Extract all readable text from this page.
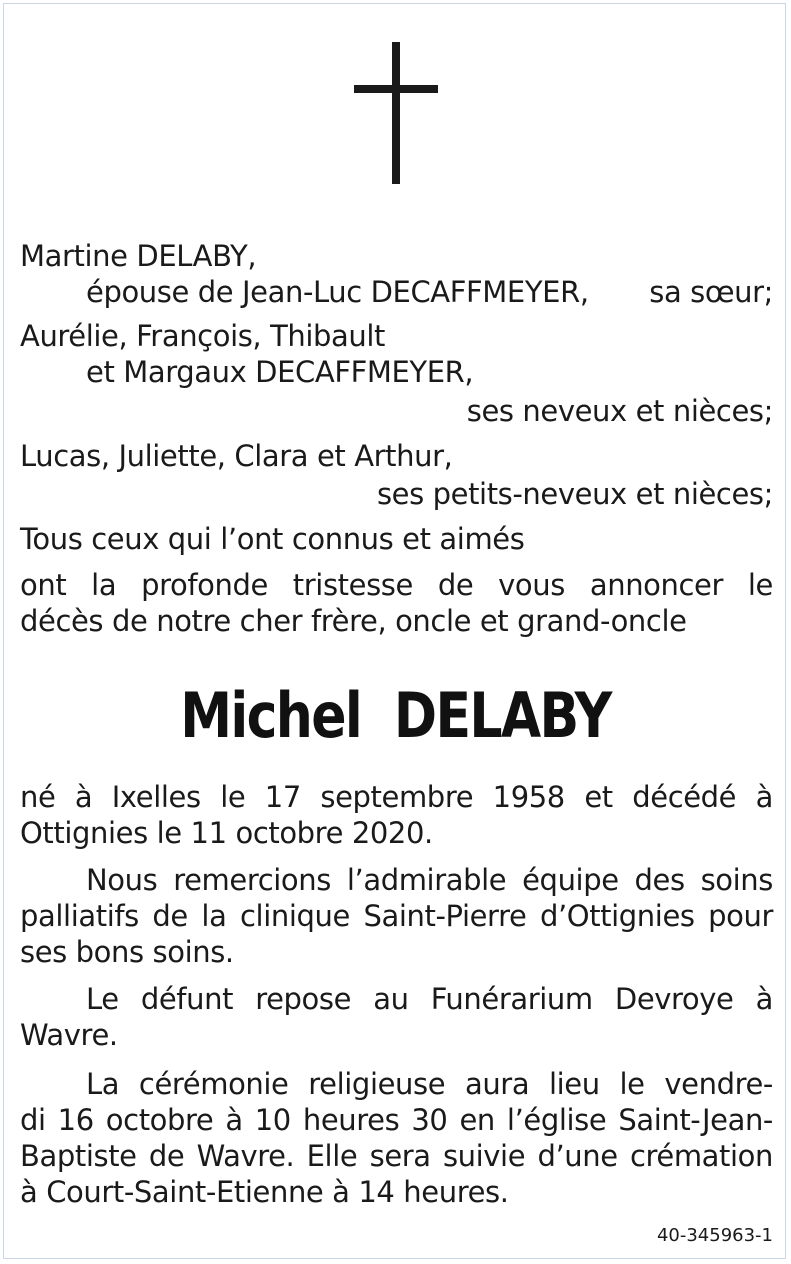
Martine DELABY,
épouse de Jean-Luc DECAFFMEYER, sa sœur;
Aurélie, François, Thibault
et Margaux DECAFFMEYER,
ses neveux et nièces;
Lucas, Juliette, Clara et Arthur,
ses petits-neveux et nièces;
Tous ceux qui l’ont connus et aimés
ont la profonde tristesse de vous annoncer le
décès de notre cher frère, oncle et grand-oncle
Michel  DELABY
né à Ixelles le 17 septembre 1958 et décédé à
Ottignies le 11 octobre 2020.
Nous remercions l’admirable équipe des soins
palliatifs de la clinique Saint-Pierre d’Ottignies pour
ses bons soins.
Le défunt repose au Funérarium Devroye à
Wavre.
La cérémonie religieuse aura lieu le vendre-
di 16 octobre à 10 heures 30 en l’église Saint-Jean-
Baptiste de Wavre. Elle sera suivie d’une crémation
à Court-Saint-Etienne à 14 heures.
40-345963-1
